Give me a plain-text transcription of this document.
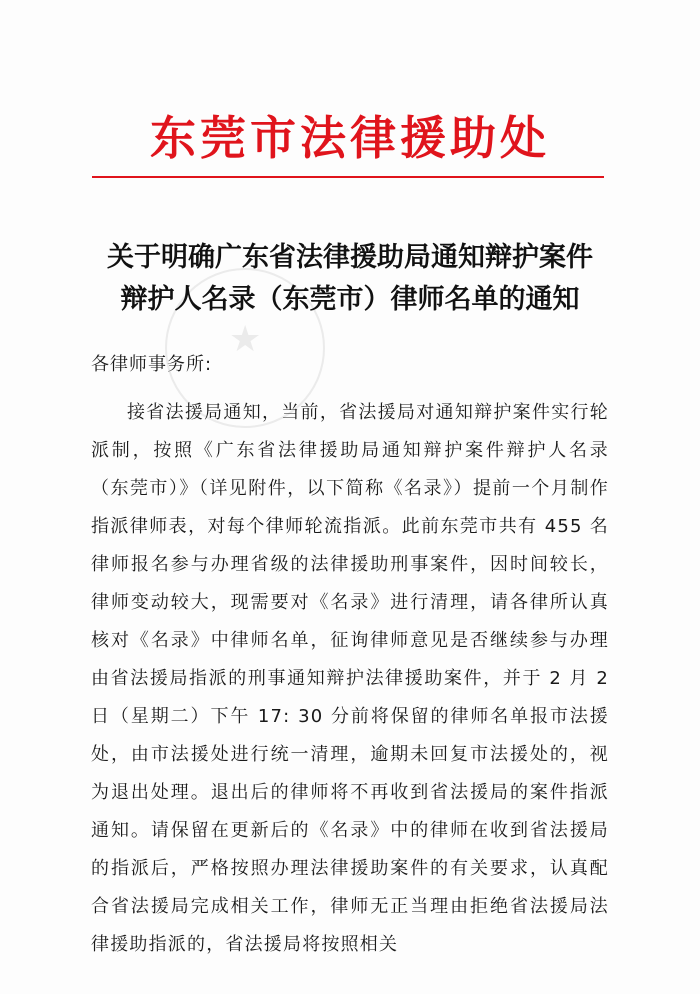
东莞市法律援助处
★
关于明确广东省法律援助局通知辩护案件
辩护人名录（东莞市）律师名单的通知
各律师事务所:

接省法援局通知，当前，省法援局对通知辩护案件实行轮派制，按照《广东省法律援助局通知辩护案件辩护人名录（东莞市）》（详见附件，以下简称《名录》）提前一个月制作指派律师表，对每个律师轮流指派。此前东莞市共有 455 名律师报名参与办理省级的法律援助刑事案件，因时间较长，律师变动较大，现需要对《名录》进行清理，请各律所认真核对《名录》中律师名单，征询律师意见是否继续参与办理由省法援局指派的刑事通知辩护法律援助案件，并于 2 月 2 日（星期二）下午 17: 30 分前将保留的律师名单报市法援处，由市法援处进行统一清理，逾期未回复市法援处的，视为退出处理。退出后的律师将不再收到省法援局的案件指派通知。请保留在更新后的《名录》中的律师在收到省法援局的指派后，严格按照办理法律援助案件的有关要求，认真配合省法援局完成相关工作，律师无正当理由拒绝省法援局法律援助指派的，省法援局将按照相关
